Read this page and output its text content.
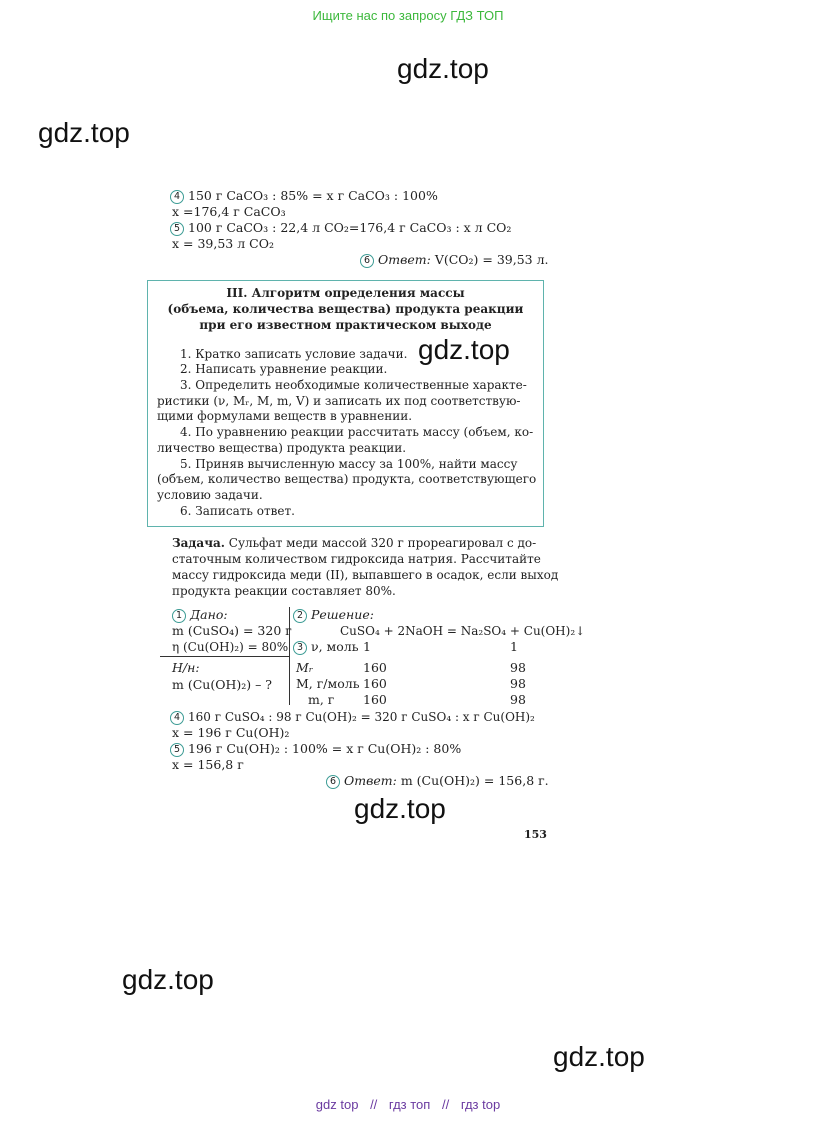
Ищите нас по запросу ГДЗ ТОП
gdz.top
gdz.top
gdz.top
gdz.top
gdz.top
gdz.top
4 150 г CaCO₃ : 85% = x г CaCO₃ : 100%
x =176,4 г CaCO₃
5 100 г CaCO₃ : 22,4 л CO₂=176,4 г CaCO₃ : x л CO₂
x = 39,53 л CO₂
6 Ответ: V(CO₂) = 39,53 л.
III. Алгоритм определения массы
(объема, количества вещества) продукта реакции
при его известном практическом выходе
1. Кратко записать условие задачи.
2. Написать уравнение реакции.
3. Определить необходимые количественные характе-
ристики (ν, Mᵣ, M, m, V) и записать их под соответствую-
щими формулами веществ в уравнении.
4. По уравнению реакции рассчитать массу (объем, ко-
личество вещества) продукта реакции.
5. Приняв вычисленную массу за 100%, найти массу
(объем, количество вещества) продукта, соответствующего
условию задачи.
6. Записать ответ.
Задача. Сульфат меди массой 320 г прореагировал с до-
статочным количеством гидроксида натрия. Рассчитайте
массу гидроксида меди (II), выпавшего в осадок, если выход
продукта реакции составляет 80%.
1 Дано:
m (CuSO₄) = 320 г
η (Cu(OH)₂) = 80%
Н/н:
m (Cu(OH)₂) – ?
2 Решение:
CuSO₄ + 2NaOH = Na₂SO₄ + Cu(OH)₂↓
3 ν, моль 1	1
Mᵣ	160	98
M, г/моль 160	98
m, г 160	98
4 160 г CuSO₄ : 98 г Cu(OH)₂ = 320 г CuSO₄ : x г Cu(OH)₂
x = 196 г Cu(OH)₂
5 196 г Cu(OH)₂ : 100% = x г Cu(OH)₂ : 80%
x = 156,8 г
6 Ответ: m (Cu(OH)₂) = 156,8 г.
153
gdz top // гдз топ // гдз top
